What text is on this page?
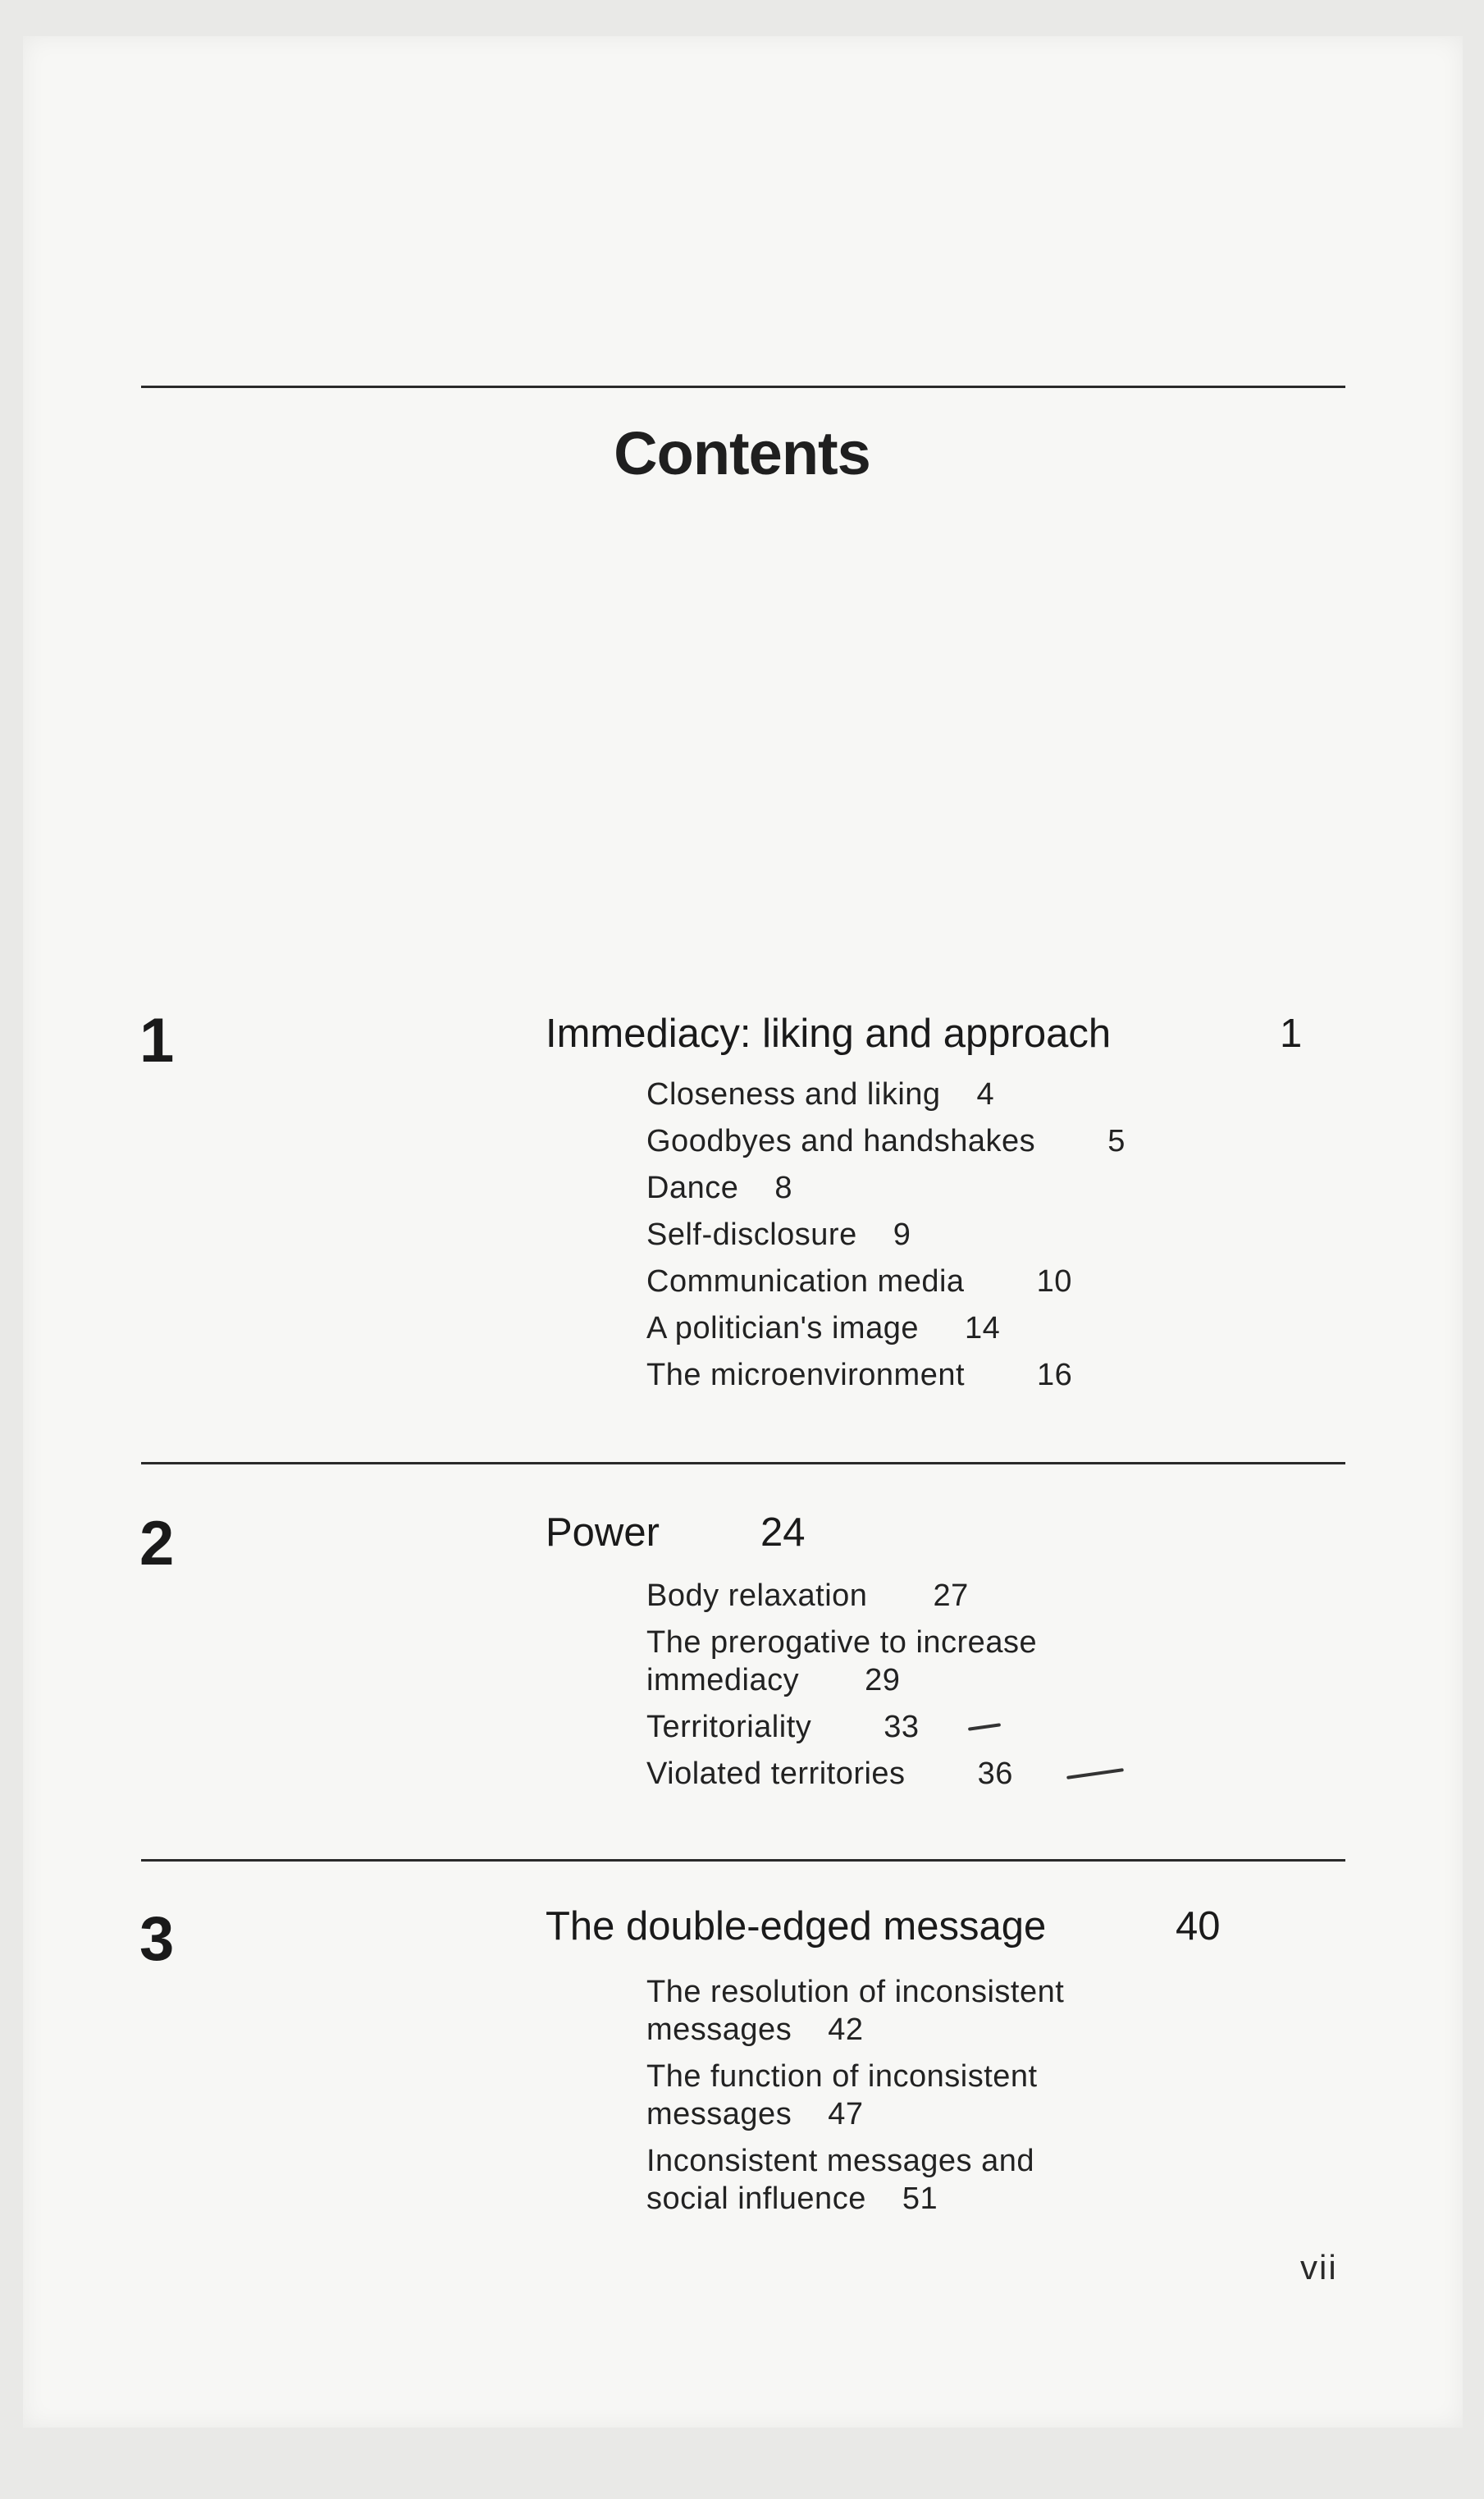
Contents
1	Immediacy: liking and approach	1
Closeness and liking 4
Goodbyes and handshakes 5
Dance 8
Self-disclosure 9
Communication media 10
A politician's image 14
The microenvironment 16
2	Power	24
Body relaxation 27
The prerogative to increase
immediacy 29
Territoriality 33
Violated territories 36
3	The double-edged message	40
The resolution of inconsistent
messages 42
The function of inconsistent
messages 47
Inconsistent messages and
social influence 51
vii
